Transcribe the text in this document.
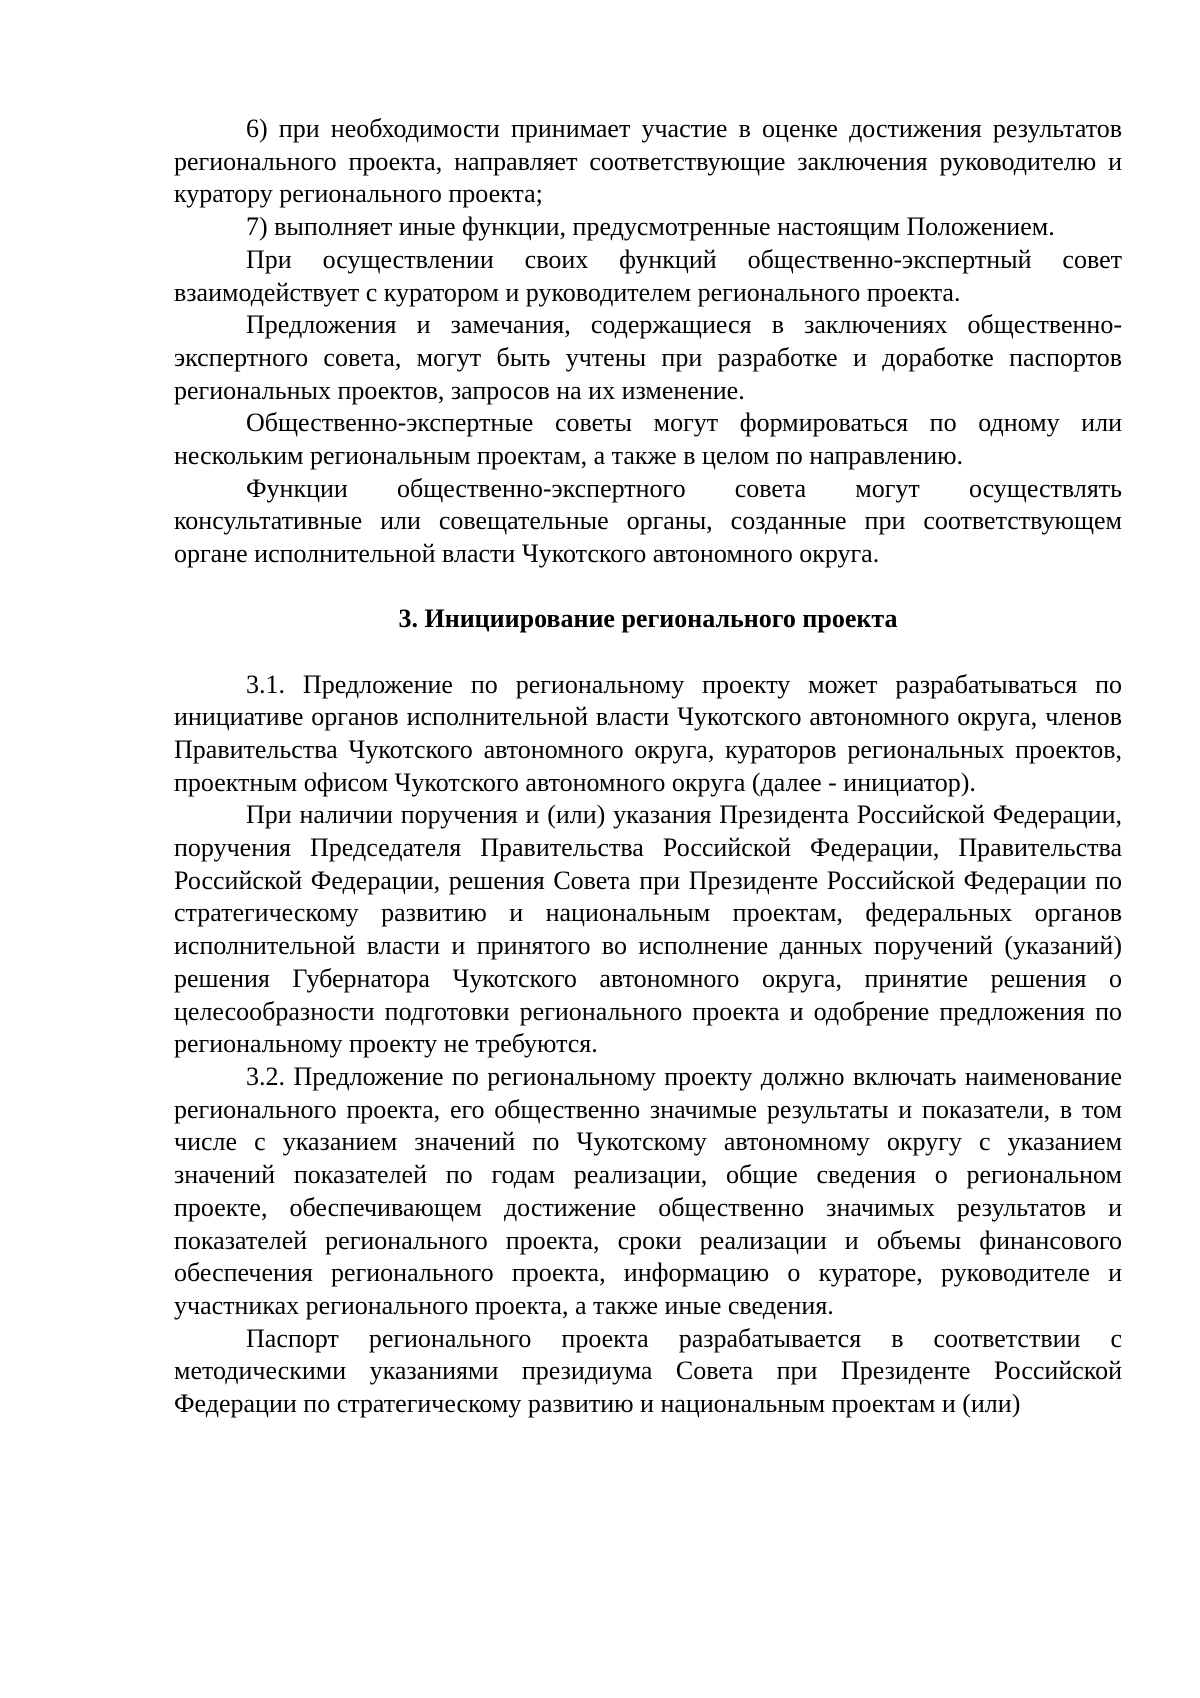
6) при необходимости принимает участие в оценке достижения результатов регионального проекта, направляет соответствующие заключения руководителю и куратору регионального проекта;

7) выполняет иные функции, предусмотренные настоящим Положением.

При осуществлении своих функций общественно-экспертный совет взаимодействует с куратором и руководителем регионального проекта.

Предложения и замечания, содержащиеся в заключениях общественно-экспертного совета, могут быть учтены при разработке и доработке паспортов региональных проектов, запросов на их изменение.

Общественно-экспертные советы могут формироваться по одному или нескольким региональным проектам, а также в целом по направлению.

Функции общественно-экспертного совета могут осуществлять консультативные или совещательные органы, созданные при соответствующем органе исполнительной власти Чукотского автономного округа.

3. Инициирование регионального проекта

3.1. Предложение по региональному проекту может разрабатываться по инициативе органов исполнительной власти Чукотского автономного округа, членов Правительства Чукотского автономного округа, кураторов региональных проектов, проектным офисом Чукотского автономного округа (далее - инициатор).

При наличии поручения и (или) указания Президента Российской Федерации, поручения Председателя Правительства Российской Федерации, Правительства Российской Федерации, решения Совета при Президенте Российской Федерации по стратегическому развитию и национальным проектам, федеральных органов исполнительной власти и принятого во исполнение данных поручений (указаний) решения Губернатора Чукотского автономного округа, принятие решения о целесообразности подготовки регионального проекта и одобрение предложения по региональному проекту не требуются.

3.2. Предложение по региональному проекту должно включать наименование регионального проекта, его общественно значимые результаты и показатели, в том числе с указанием значений по Чукотскому автономному округу с указанием значений показателей по годам реализации, общие сведения о региональном проекте, обеспечивающем достижение общественно значимых результатов и показателей регионального проекта, сроки реализации и объемы финансового обеспечения регионального проекта, информацию о кураторе, руководителе и участниках регионального проекта, а также иные сведения.

Паспорт регионального проекта разрабатывается в соответствии с методическими указаниями президиума Совета при Президенте Российской Федерации по стратегическому развитию и национальным проектам и (или)
